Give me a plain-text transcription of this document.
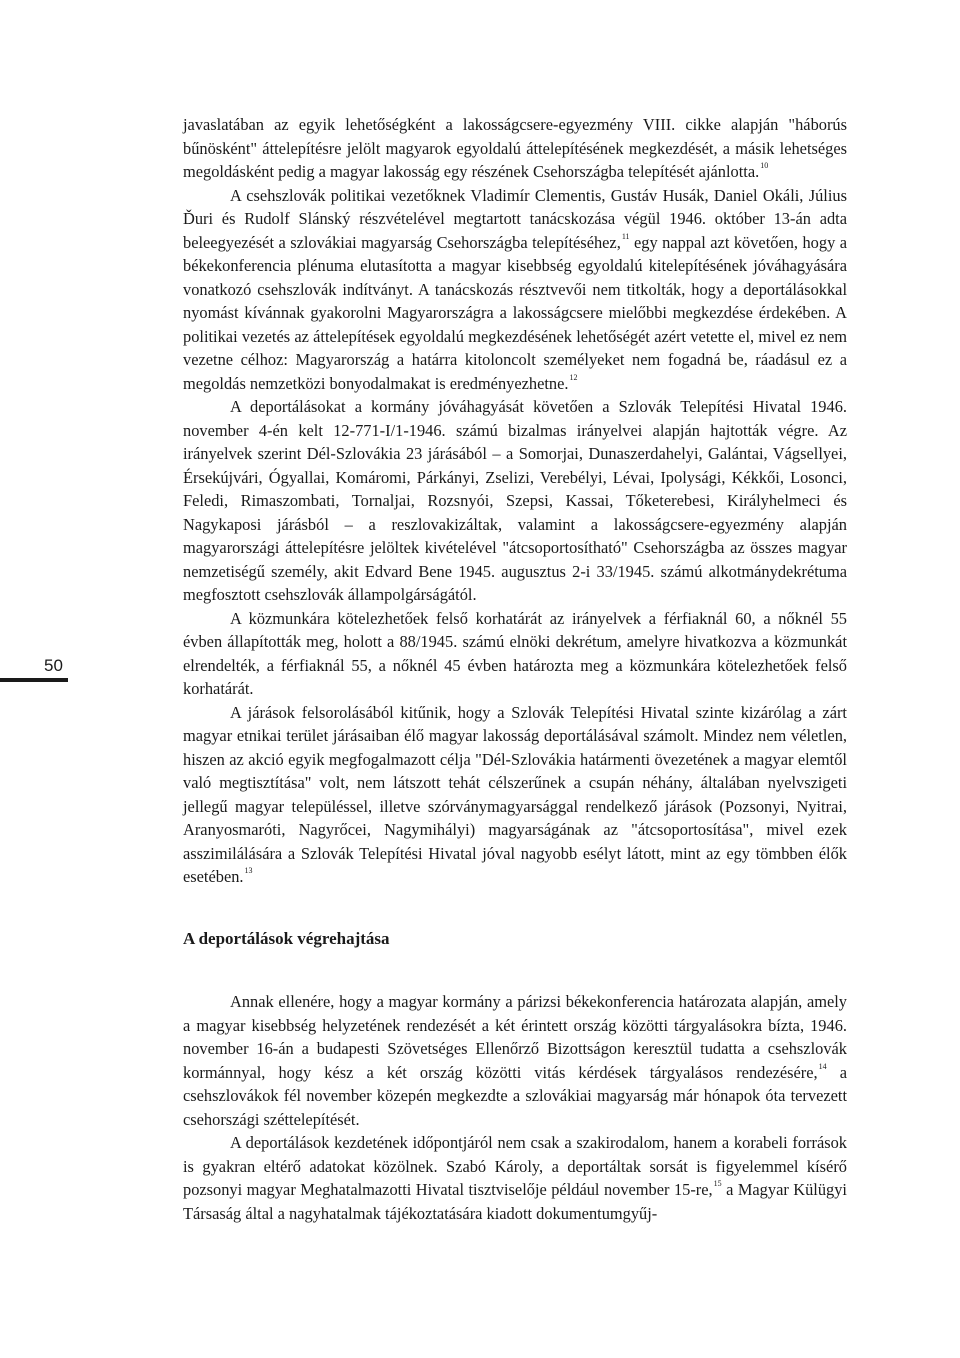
50

javaslatában az egyik lehetőségként a lakosságcsere-egyezmény VIII. cikke alapján "háborús bűnösként" áttelepítésre jelölt magyarok egyoldalú áttelepítésének megkezdését, a másik lehetséges megoldásként pedig a magyar lakosság egy részének Csehországba telepítését ajánlotta.$^{10}$

A csehszlovák politikai vezetőknek Vladimír Clementis, Gustáv Husák, Daniel Okáli, Július Ďuri és Rudolf Slánský részvételével megtartott tanácskozása végül 1946. október 13-án adta beleegyezését a szlovákiai magyarság Csehországba telepítéséhez,$^{11}$ egy nappal azt követően, hogy a békekonferencia plénuma elutasította a magyar kisebbség egyoldalú kitelepítésének jóváhagyására vonatkozó csehszlovák indítványt. A tanácskozás résztvevői nem titkolták, hogy a deportálásokkal nyomást kívánnak gyakorolni Magyarországra a lakosságcsere mielőbbi megkezdése érdekében. A politikai vezetés az áttelepítések egyoldalú megkezdésének lehetőségét azért vetette el, mivel ez nem vezetne célhoz: Magyarország a határra kitoloncolt személyeket nem fogadná be, ráadásul ez a megoldás nemzetközi bonyodalmakat is eredményezhetne.$^{12}$

A deportálásokat a kormány jóváhagyását követően a Szlovák Telepítési Hivatal 1946. november 4-én kelt 12-771-I/1-1946. számú bizalmas irányelvei alapján hajtották végre. Az irányelvek szerint Dél-Szlovákia 23 járásából – a Somorjai, Dunaszerdahelyi, Galántai, Vágsellyei, Érsekújvári, Ógyallai, Komáromi, Párkányi, Zselizi, Verebélyi, Lévai, Ipolysági, Kékkői, Losonci, Feledi, Rimaszombati, Tornaljai, Rozsnyói, Szepsi, Kassai, Tőketerebesi, Királyhelmeci és Nagykaposi járásból – a reszlovakizáltak, valamint a lakosságcsere-egyezmény alapján magyarországi áttelepítésre jelöltek kivételével "átcsoportosítható" Csehországba az összes magyar nemzetiségű személy, akit Edvard Bene 1945. augusztus 2-i 33/1945. számú alkotmánydekrétuma megfosztott csehszlovák állampolgárságától.

A közmunkára kötelezhetőek felső korhatárát az irányelvek a férfiaknál 60, a nőknél 55 évben állapították meg, holott a 88/1945. számú elnöki dekrétum, amelyre hivatkozva a közmunkát elrendelték, a férfiaknál 55, a nőknél 45 évben határozta meg a közmunkára kötelezhetőek felső korhatárát.

A járások felsorolásából kitűnik, hogy a Szlovák Telepítési Hivatal szinte kizárólag a zárt magyar etnikai terület járásaiban élő magyar lakosság deportálásával számolt. Mindez nem véletlen, hiszen az akció egyik megfogalmazott célja "Dél-Szlovákia határmenti övezetének a magyar elemtől való megtisztítása" volt, nem látszott tehát célszerűnek a csupán néhány, általában nyelvszigeti jellegű magyar településsel, illetve szórványmagyarsággal rendelkező járások (Pozsonyi, Nyitrai, Aranyosmaróti, Nagyrőcei, Nagymihályi) magyarságának az "átcsoportosítása", mivel ezek asszimilálására a Szlovák Telepítési Hivatal jóval nagyobb esélyt látott, mint az egy tömbben élők esetében.$^{13}$

A deportálások végrehajtása

Annak ellenére, hogy a magyar kormány a párizsi békekonferencia határozata alapján, amely a magyar kisebbség helyzetének rendezését a két érintett ország közötti tárgyalásokra bízta, 1946. november 16-án a budapesti Szövetséges Ellenőrző Bizottságon keresztül tudatta a csehszlovák kormánnyal, hogy kész a két ország közötti vitás kérdések tárgyalásos rendezésére,$^{14}$ a csehszlovákok fél november közepén megkezdte a szlovákiai magyarság már hónapok óta tervezett csehországi széttelepítését.

A deportálások kezdetének időpontjáról nem csak a szakirodalom, hanem a korabeli források is gyakran eltérő adatokat közölnek. Szabó Károly, a deportáltak sorsát is figyelemmel kísérő pozsonyi magyar Meghatalmazotti Hivatal tisztviselője például november 15-re,$^{15}$ a Magyar Külügyi Társaság által a nagyhatalmak tájékoztatására kiadott dokumentumgyűj-
